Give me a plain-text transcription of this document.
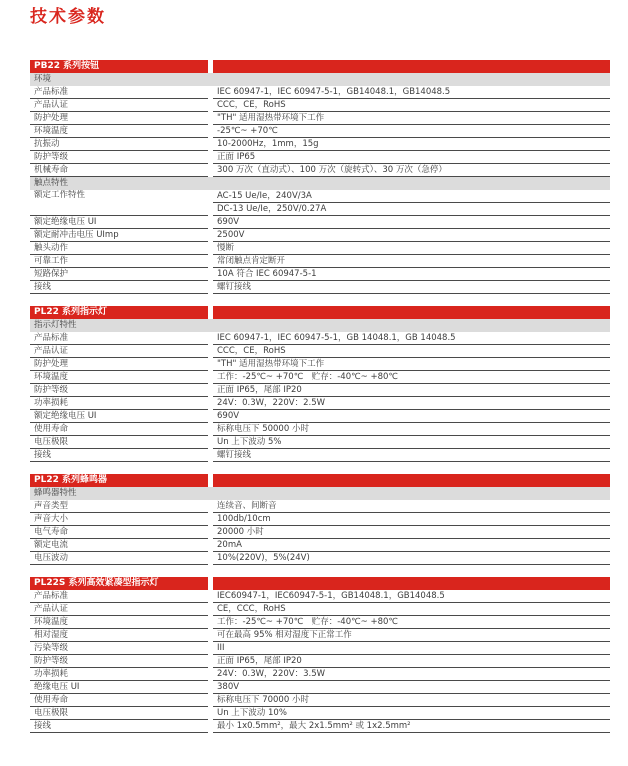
技术参数
PB22 系列按钮
环境
产品标准	IEC 60947-1，IEC 60947-5-1，GB14048.1，GB14048.5
产品认证	CCC，CE，RoHS
防护处理	"TH" 适用湿热带环境下工作
环境温度	-25℃~ +70℃
抗振动	10-2000Hz，1mm，15g
防护等级	正面 IP65
机械寿命	300 万次（直动式）、100 万次（旋转式）、30 万次（急停）
触点特性
额定工作特性	AC-15 Ue/Ie，240V/3A
DC-13 Ue/Ie，250V/0.27A
额定绝缘电压 UI	690V
额定耐冲击电压 UImp	2500V
触头动作	慢断
可靠工作	常闭触点肯定断开
短路保护	10A 符合 IEC 60947-5-1
接线	螺钉接线
PL22 系列指示灯
指示灯特性
产品标准	IEC 60947-1，IEC 60947-5-1，GB 14048.1，GB 14048.5
产品认证	CCC，CE，RoHS
防护处理	"TH" 适用湿热带环境下工作
环境温度	工作：-25℃~ +70℃　贮存：-40℃~ +80℃
防护等级	正面 IP65，尾部 IP20
功率损耗	24V：0.3W，220V：2.5W
额定绝缘电压 UI	690V
使用寿命	标称电压下 50000 小时
电压极限	Un 上下波动 5%
接线	螺钉接线
PL22 系列蜂鸣器
蜂鸣器特性
声音类型	连续音、间断音
声音大小	100db/10cm
电气寿命	20000 小时
额定电流	20mA
电压波动	10%(220V)，5%(24V)
PL22S 系列高效紧凑型指示灯
产品标准	IEC60947-1，IEC60947-5-1，GB14048.1，GB14048.5
产品认证	CE，CCC，RoHS
环境温度	工作：-25℃~ +70℃　贮存：-40℃~ +80℃
相对湿度	可在最高 95% 相对湿度下正常工作
污染等级	III
防护等级	正面 IP65，尾部 IP20
功率损耗	24V：0.3W，220V：3.5W
绝缘电压 UI	380V
使用寿命	标称电压下 70000 小时
电压极限	Un 上下波动 10%
接线	最小 1x0.5mm²，最大 2x1.5mm² 或 1x2.5mm²
